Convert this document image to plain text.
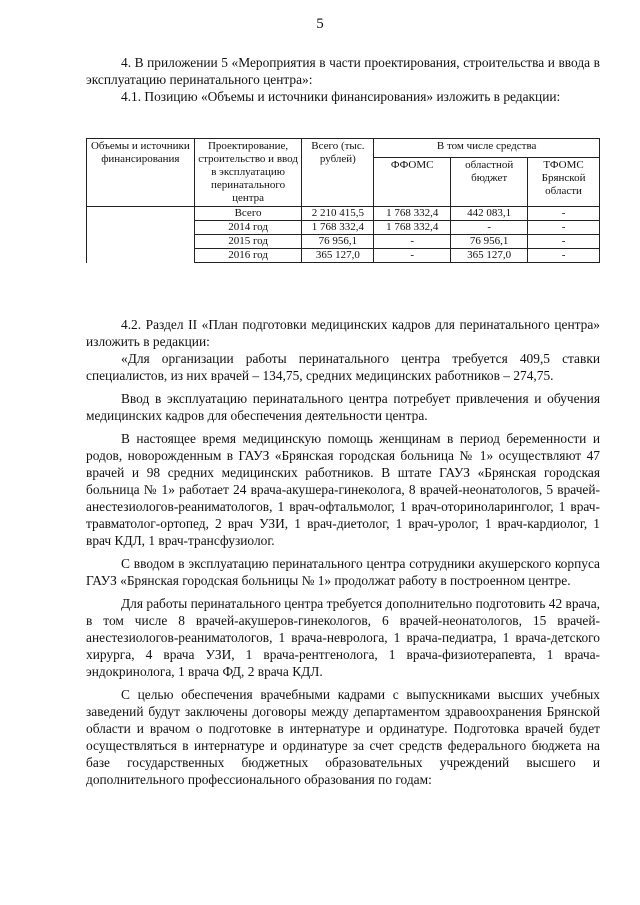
5

4. В приложении 5 «Мероприятия в части проектирования, строительства и ввода в эксплуатацию перинатального центра»:

4.1. Позицию «Объемы и источники финансирования» изложить в редакции:

Объемы и источники финансирования	Проектирование, строительство и ввод в эксплуатацию перинатального центра	Всего (тыс. рублей)	В том числе средства		
			ФФОМС	областной бюджет	ТФОМС Брянской области
	Всего	2 210 415,5	1 768 332,4	442 083,1	-
	2014 год	1 768 332,4	1 768 332,4	-	-
	2015 год	76 956,1	-	76 956,1	-
	2016 год	365 127,0	-	365 127,0	-

4.2. Раздел II «План подготовки медицинских кадров для перинатального центра» изложить в редакции:

«Для организации работы перинатального центра требуется 409,5 ставки специалистов, из них врачей – 134,75, средних медицинских работников – 274,75.

Ввод в эксплуатацию перинатального центра потребует привлечения и обучения медицинских кадров для обеспечения деятельности центра.

В настоящее время медицинскую помощь женщинам в период беременности и родов, новорожденным в ГАУЗ «Брянская городская больница № 1» осуществляют 47 врачей и 98 средних медицинских работников. В штате ГАУЗ «Брянская городская больница № 1» работает 24 врача-акушера-гинеколога, 8 врачей-неонатологов, 5 врачей-анестезиологов-реаниматологов, 1 врач-офтальмолог, 1 врач-оториноларинголог, 1 врач-травматолог-ортопед, 2 врач УЗИ, 1 врач-диетолог, 1 врач-уролог, 1 врач-кардиолог, 1 врач КДЛ, 1 врач-трансфузиолог.

С вводом в эксплуатацию перинатального центра сотрудники акушерского корпуса ГАУЗ «Брянская городская больницы № 1» продолжат работу в построенном центре.

Для работы перинатального центра требуется дополнительно подготовить 42 врача, в том числе 8 врачей-акушеров-гинекологов, 6 врачей-неонатологов, 15 врачей-анестезиологов-реаниматологов, 1 врача-невролога, 1 врача-педиатра, 1 врача-детского хирурга, 4 врача УЗИ, 1 врача-рентгенолога, 1 врача-физиотерапевта, 1 врача-эндокринолога, 1 врача ФД, 2 врача КДЛ.

С целью обеспечения врачебными кадрами с выпускниками высших учебных заведений будут заключены договоры между департаментом здравоохранения Брянской области и врачом о подготовке в интернатуре и ординатуре. Подготовка врачей будет осуществляться в интернатуре и ординатуре за счет средств федерального бюджета на базе государственных бюджетных образовательных учреждений высшего и дополнительного профессионального образования по годам:
